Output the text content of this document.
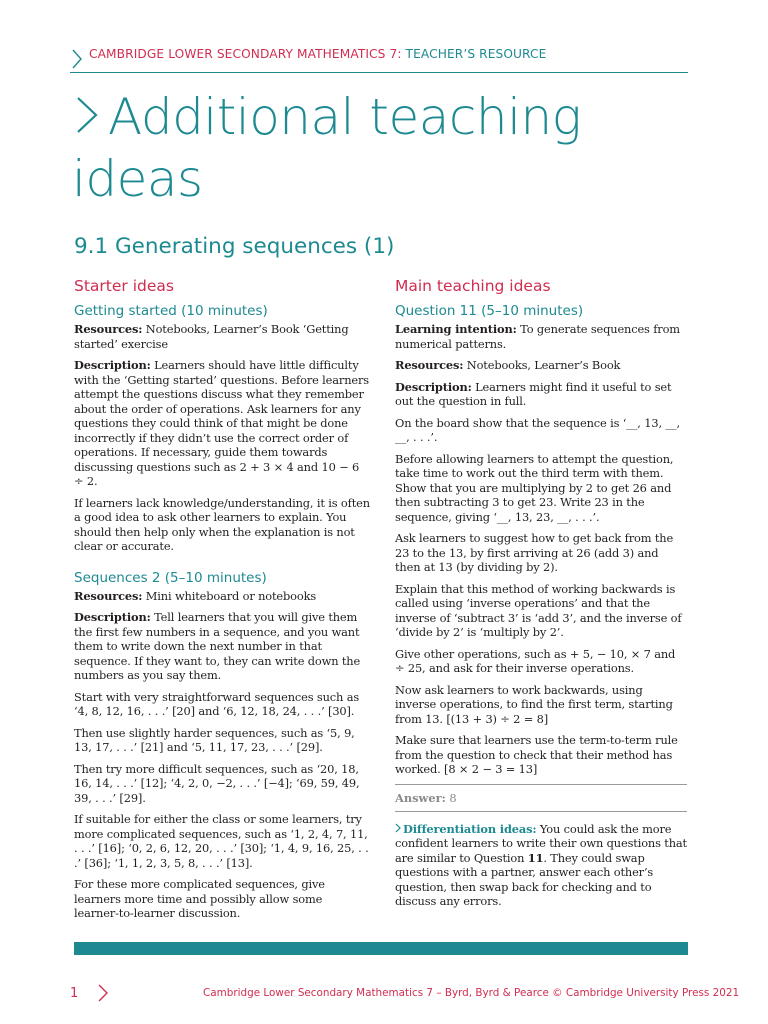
CAMBRIDGE LOWER SECONDARY MATHEMATICS 7: TEACHER’S RESOURCE
Additional teaching
ideas
9.1 Generating sequences (1)
Starter ideas
Getting started (10 minutes)

Resources: Notebooks, Learner’s Book ‘Getting started’ exercise

Description: Learners should have little difficulty with the ‘Getting started’ questions. Before learners attempt the questions discuss what they remember about the order of operations. Ask learners for any questions they could think of that might be done incorrectly if they didn’t use the correct order of operations. If necessary, guide them towards discussing questions such as 2 + 3 × 4 and 10 − 6 ÷ 2.

If learners lack knowledge/understanding, it is often a good idea to ask other learners to explain. You should then help only when the explanation is not clear or accurate.

Sequences 2 (5–10 minutes)

Resources: Mini whiteboard or notebooks

Description: Tell learners that you will give them the first few numbers in a sequence, and you want them to write down the next number in that sequence. If they want to, they can write down the numbers as you say them.

Start with very straightforward sequences such as ‘4, 8, 12, 16, . . .’ [20] and ‘6, 12, 18, 24, . . .’ [30].

Then use slightly harder sequences, such as ‘5, 9, 13, 17, . . .’ [21] and ‘5, 11, 17, 23, . . .’ [29].

Then try more difficult sequences, such as ‘20, 18, 16, 14, . . .’ [12]; ‘4, 2, 0, −2, . . .’ [−4]; ‘69, 59, 49, 39, . . .’ [29].

If suitable for either the class or some learners, try more complicated sequences, such as ‘1, 2, 4, 7, 11, . . .’ [16]; ‘0, 2, 6, 12, 20, . . .’ [30]; ‘1, 4, 9, 16, 25, . . .’ [36]; ‘1, 1, 2, 3, 5, 8, . . .’ [13].

For these more complicated sequences, give learners more time and possibly allow some learner-to-learner discussion.

Main teaching ideas
Question 11 (5–10 minutes)

Learning intention: To generate sequences from numerical patterns.

Resources: Notebooks, Learner’s Book

Description: Learners might find it useful to set out the question in full.

On the board show that the sequence is ‘__, 13, __, __, . . .’.

Before allowing learners to attempt the question, take time to work out the third term with them. Show that you are multiplying by 2 to get 26 and then subtracting 3 to get 23. Write 23 in the sequence, giving ‘__, 13, 23, __, . . .’.

Ask learners to suggest how to get back from the 23 to the 13, by first arriving at 26 (add 3) and then at 13 (by dividing by 2).

Explain that this method of working backwards is called using ‘inverse operations’ and that the inverse of ‘subtract 3’ is ‘add 3’, and the inverse of ‘divide by 2’ is ‘multiply by 2’.

Give other operations, such as + 5, − 10, × 7 and ÷ 25, and ask for their inverse operations.

Now ask learners to work backwards, using inverse operations, to find the first term, starting from 13. [(13 + 3) ÷ 2 = 8]

Make sure that learners use the term-to-term rule from the question to check that their method has worked. [8 × 2 − 3 = 13]

Answer: 8

Differentiation ideas: You could ask the more confident learners to write their own questions that are similar to Question 11. They could swap questions with a partner, answer each other’s question, then swap back for checking and to discuss any errors.

1	Cambridge Lower Secondary Mathematics 7 – Byrd, Byrd & Pearce © Cambridge University Press 2021
